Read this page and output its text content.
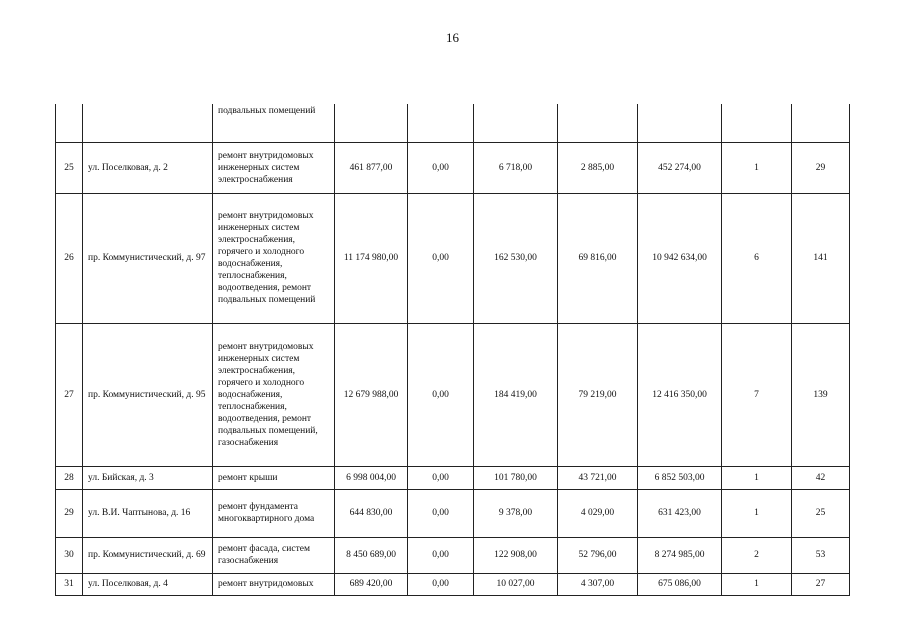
16
		подвальных помещений							
25	ул. Поселковая, д. 2	ремонт внутридомовых инженерных систем электроснабжения	461 877,00	0,00	6 718,00	2 885,00	452 274,00	1	29
26	пр. Коммунистический, д. 97	ремонт внутридомовых инженерных систем электроснабжения, горячего и холодного водоснабжения, теплоснабжения, водоотведения, ремонт подвальных помещений	11 174 980,00	0,00	162 530,00	69 816,00	10 942 634,00	6	141
27	пр. Коммунистический, д. 95	ремонт внутридомовых инженерных систем электроснабжения, горячего и холодного водоснабжения, теплоснабжения, водоотведения, ремонт подвальных помещений, газоснабжения	12 679 988,00	0,00	184 419,00	79 219,00	12 416 350,00	7	139
28	ул. Бийская, д. 3	ремонт крыши	6 998 004,00	0,00	101 780,00	43 721,00	6 852 503,00	1	42
29	ул. В.И. Чаптынова, д. 16	ремонт фундамента многоквартирного дома	644 830,00	0,00	9 378,00	4 029,00	631 423,00	1	25
30	пр. Коммунистический, д. 69	ремонт фасада, систем газоснабжения	8 450 689,00	0,00	122 908,00	52 796,00	8 274 985,00	2	53
31	ул. Поселковая, д. 4	ремонт внутридомовых	689 420,00	0,00	10 027,00	4 307,00	675 086,00	1	27
